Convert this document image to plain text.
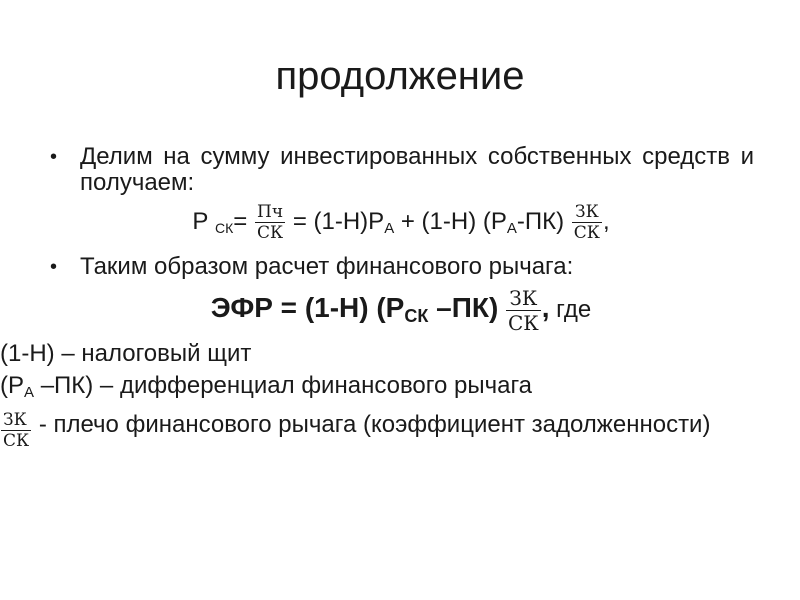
продолжение
• Делим на сумму инвестированных собственных средств и получаем:
Р $СК= \frac{Пч}{СК} = (1-Н)Р_А + (1-Н)$ $(Р_А-ПК) \frac{ЗК}{СК}$ ,
• Таким образом расчет финансового рычага:
ЭФР = (1-Н) ($Р_{СК}$ $-ПК) \frac{ЗК}{СК}$ , где
(1-Н) – налоговый щит
($Р_А$ –ПК) – дифференциал финансового рычага
$\frac{ЗК}{СК}$ - плечо финансового рычага (коэффициент задолженности)
